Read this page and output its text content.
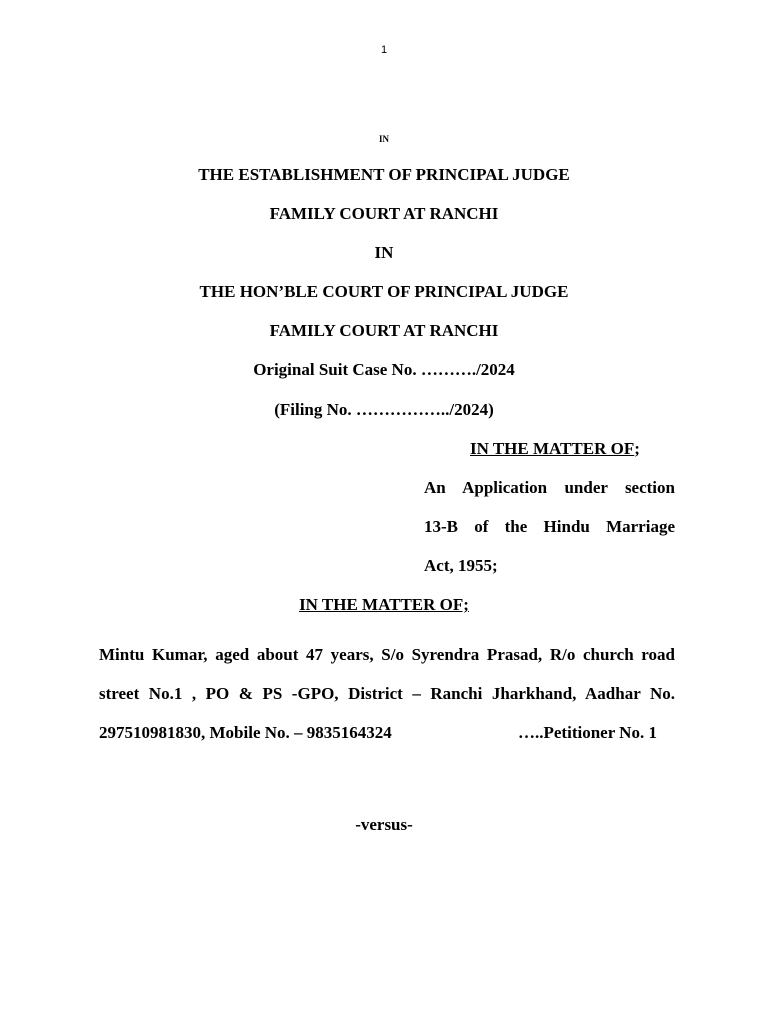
1
IN
THE ESTABLISHMENT OF PRINCIPAL JUDGE
FAMILY COURT AT RANCHI
IN
THE HON’BLE COURT OF PRINCIPAL JUDGE
FAMILY COURT AT RANCHI
Original Suit Case No. ………./2024
(Filing No. ……………../2024)
IN THE MATTER OF;
An Application under section
13-B of the Hindu Marriage
Act, 1955;
IN THE MATTER OF;
Mintu Kumar, aged about 47 years, S/o Syrendra Prasad, R/o church road
street No.1 , PO & PS -GPO, District – Ranchi Jharkhand, Aadhar No.
297510981830, Mobile No. – 9835164324	…..Petitioner No. 1
-versus-
